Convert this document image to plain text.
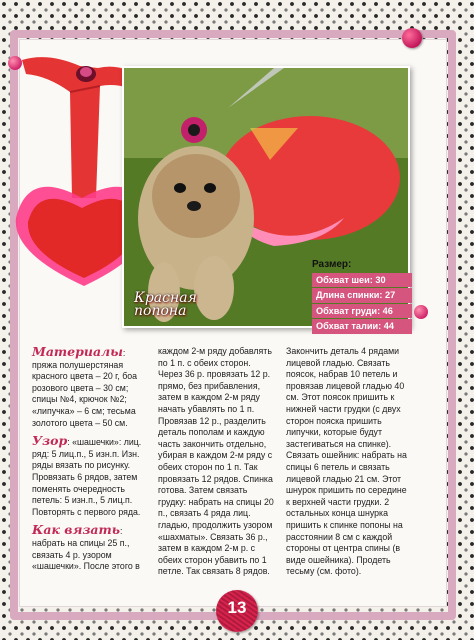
Красная попона
Размер:
Обхват шеи: 30
Длина спинки: 27
Обхват груди: 46
Обхват талии: 44

Материалы: пряжа полушерстяная красного цвета – 20 г, боа розового цвета – 30 см; спицы №4, крючок №2; «липучка» – 6 см; тесьма золотого цвета – 50 см.

Узор: «шашечки»: лиц. ряд: 5 лиц.п., 5 изн.п. Изн. ряды вязать по рисунку. Провязать 6 рядов, затем поменять очередность петель: 5 изн.п., 5 лиц.п. Повторять с первого ряда.

Как вязать: набрать на спицы 25 п., связать 4 р. узором «шашечки». После этого в

каждом 2-м ряду добавлять по 1 п. с обеих сторон. Через 36 р. провязать 12 р. прямо, без прибавления, затем в каждом 2-м ряду начать убавлять по 1 п. Провязав 12 р., разделить деталь пополам и каждую часть закончить отдельно, убирая в каждом 2-м ряду с обеих сторон по 1 п. Так провязать 12 рядов. Спинка готова. Затем связать грудку: набрать на спицы 20 п., связать 4 ряда лиц. гладью, продолжить узором «шахматы». Связать 36 р., затем в каждом 2-м р. с обеих сторон убавить по 1 петле. Так связать 8 рядов.

Закончить деталь 4 рядами лицевой гладью. Связать поясок, набрав 10 петель и провязав лицевой гладью 40 см. Этот поясок пришить к нижней части грудки (с двух сторон пояска пришить липучки, которые будут застегиваться на спинке). Связать ошейник: набрать на спицы 6 петель и связать лицевой гладью 21 см. Этот шнурок пришить по середине к верхней части грудки. 2 остальных конца шнурка пришить к спинке попоны на расстоянии 8 см с каждой стороны от центра спины (в виде ошейника). Продеть тесьму (см. фото).

13
